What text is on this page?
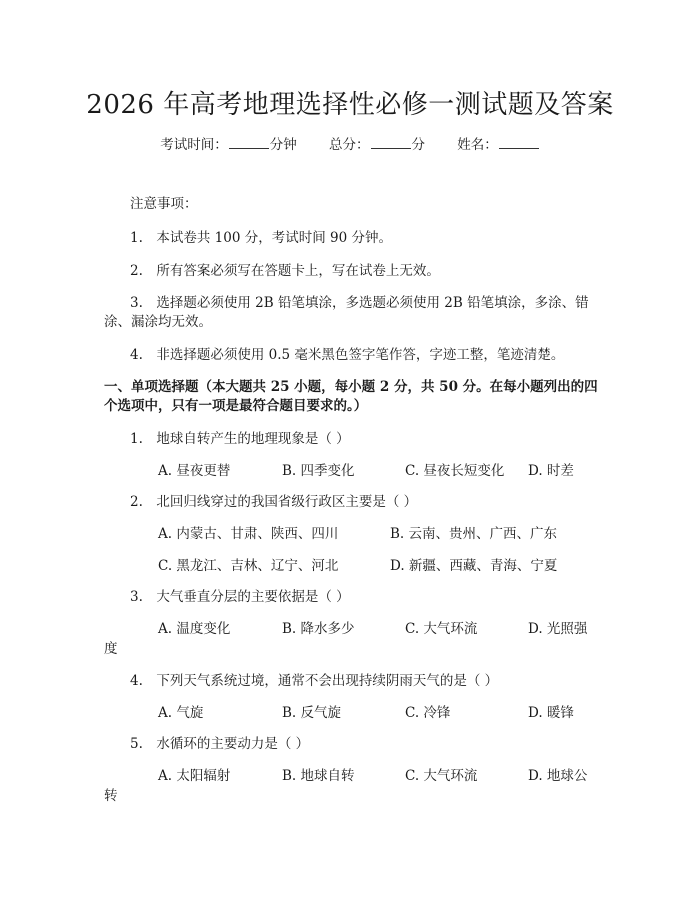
2026 年高考地理选择性必修一测试题及答案
考试时间：	分钟 总分：	分 姓名：
注意事项：
1.　本试卷共 100 分，考试时间 90 分钟。
2.　所有答案必须写在答题卡上，写在试卷上无效。
3.　选择题必须使用 2B 铅笔填涂，多选题必须使用 2B 铅笔填涂，多涂、错
涂、漏涂均无效。
4.　非选择题必须使用 0.5 毫米黑色签字笔作答，字迹工整，笔迹清楚。
一、单项选择题（本大题共 25 小题，每小题 2 分，共 50 分。在每小题列出的四
个选项中，只有一项是最符合题目要求的。）
1.　地球自转产生的地理现象是（ ）
A. 昼夜更替	B. 四季变化	C. 昼夜长短变化 D. 时差
2.　北回归线穿过的我国省级行政区主要是（ ）
A. 内蒙古、甘肃、陕西、四川	B. 云南、贵州、广西、广东
C. 黑龙江、吉林、辽宁、河北	D. 新疆、西藏、青海、宁夏
3.　大气垂直分层的主要依据是（ ）
A. 温度变化	B. 降水多少	C. 大气环流	D. 光照强
度
4.　下列天气系统过境，通常不会出现持续阴雨天气的是（ ）
A. 气旋	B. 反气旋	C. 冷锋	D. 暖锋
5.　水循环的主要动力是（ ）
A. 太阳辐射	B. 地球自转	C. 大气环流	D. 地球公
转
